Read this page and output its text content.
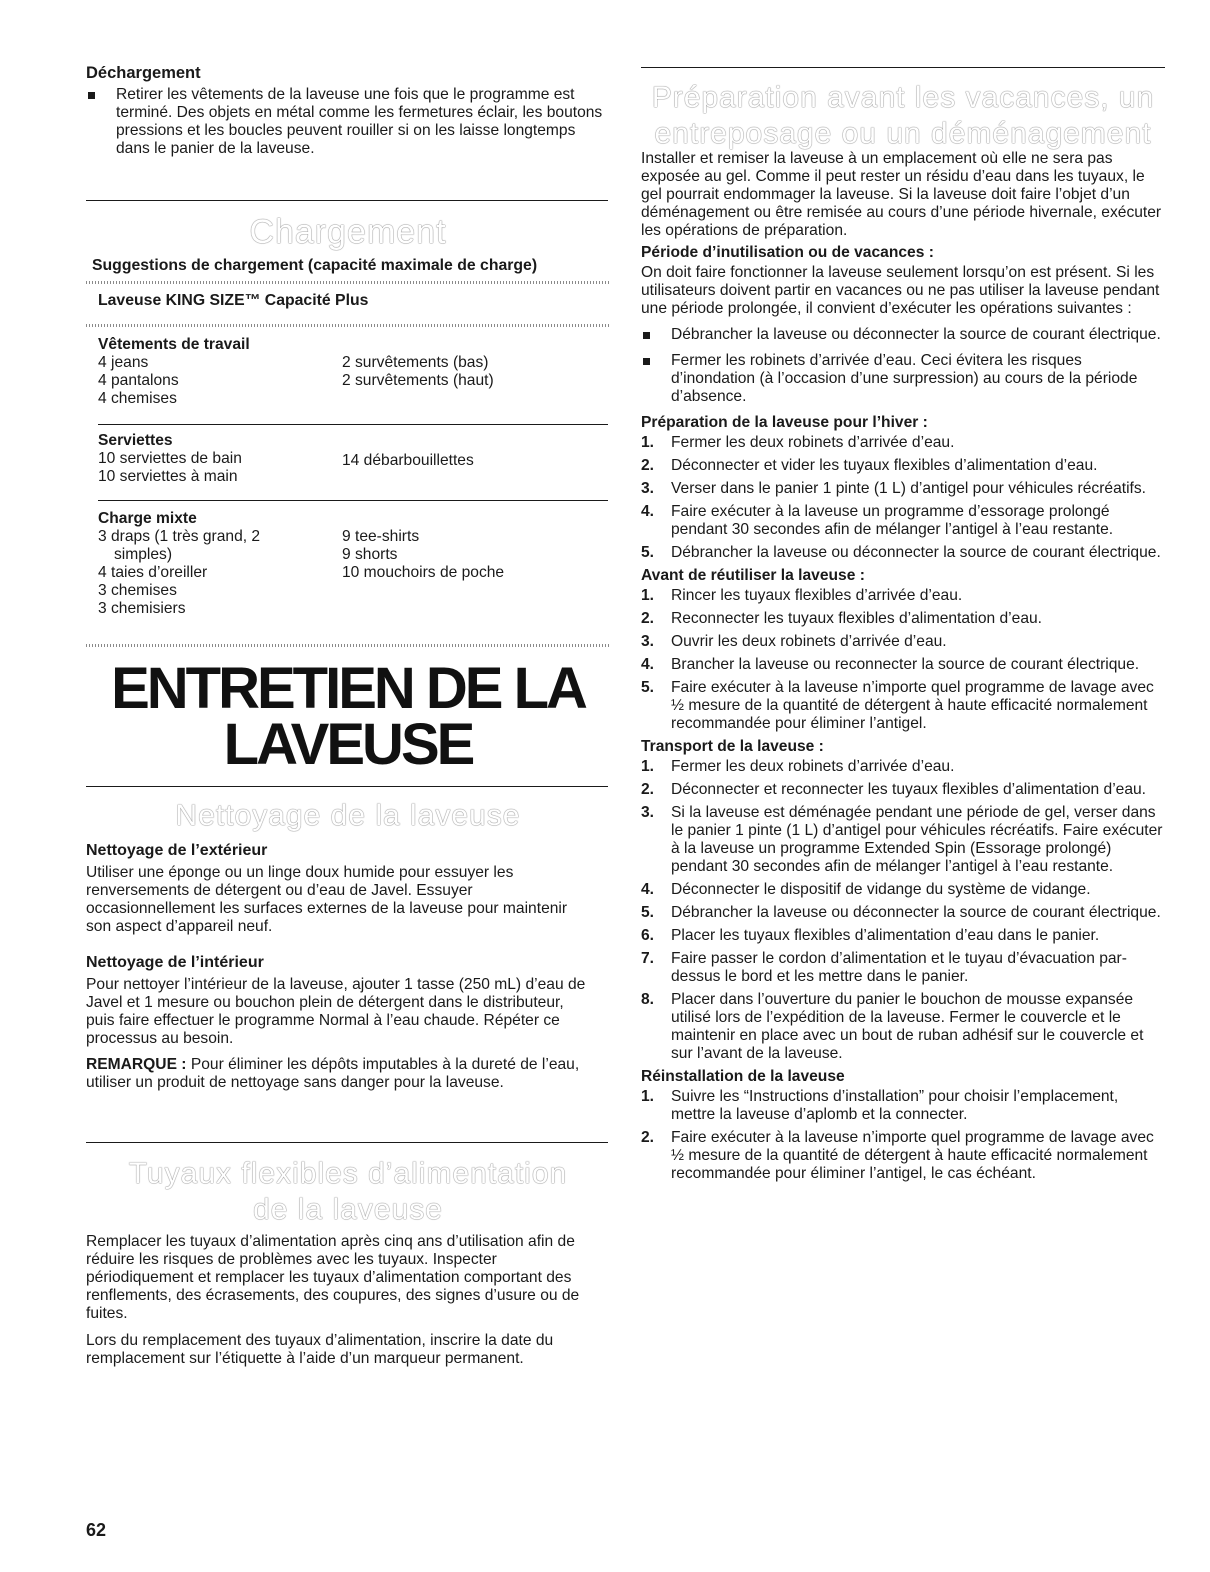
Déchargement

Retirer les vêtements de la laveuse une fois que le programme est terminé. Des objets en métal comme les fermetures éclair, les boutons pressions et les boucles peuvent rouiller si on les laisse longtemps dans le panier de la laveuse.

Chargement

Suggestions de chargement (capacité maximale de charge)

Laveuse KING SIZE™ Capacité Plus

Vêtements de travail

4 jeans

4 pantalons

4 chemises

2 survêtements (bas)

2 survêtements (haut)

Serviettes

10 serviettes de bain

10 serviettes à main

14 débarbouillettes

Charge mixte

3 draps (1 très grand, 2 simples)

4 taies d’oreiller

3 chemises

3 chemisiers

9 tee-shirts

9 shorts

10 mouchoirs de poche

ENTRETIEN DE LA
LAVEUSE
Nettoyage de la laveuse

Nettoyage de l’extérieur

Utiliser une éponge ou un linge doux humide pour essuyer les renversements de détergent ou d’eau de Javel. Essuyer occasionnellement les surfaces externes de la laveuse pour maintenir son aspect d’appareil neuf.

Nettoyage de l’intérieur

Pour nettoyer l’intérieur de la laveuse, ajouter 1 tasse (250 mL) d’eau de Javel et 1 mesure ou bouchon plein de détergent dans le distributeur, puis faire effectuer le programme Normal à l’eau chaude. Répéter ce processus au besoin.

REMARQUE : Pour éliminer les dépôts imputables à la dureté de l’eau, utiliser un produit de nettoyage sans danger pour la laveuse.

Tuyaux flexibles d’alimentation
de la laveuse

Remplacer les tuyaux d’alimentation après cinq ans d’utilisation afin de réduire les risques de problèmes avec les tuyaux. Inspecter périodiquement et remplacer les tuyaux d’alimentation comportant des renflements, des écrasements, des coupures, des signes d’usure ou de fuites.

Lors du remplacement des tuyaux d’alimentation, inscrire la date du remplacement sur l’étiquette à l’aide d’un marqueur permanent.

62
Préparation avant les vacances, un
entreposage ou un déménagement

Installer et remiser la laveuse à un emplacement où elle ne sera pas exposée au gel. Comme il peut rester un résidu d’eau dans les tuyaux, le gel pourrait endommager la laveuse. Si la laveuse doit faire l’objet d’un déménagement ou être remisée au cours d’une période hivernale, exécuter les opérations de préparation.

Période d’inutilisation ou de vacances :

On doit faire fonctionner la laveuse seulement lorsqu’on est présent. Si les utilisateurs doivent partir en vacances ou ne pas utiliser la laveuse pendant une période prolongée, il convient d’exécuter les opérations suivantes :

Débrancher la laveuse ou déconnecter la source de courant électrique.

Fermer les robinets d’arrivée d’eau. Ceci évitera les risques d’inondation (à l’occasion d’une surpression) au cours de la période d’absence.

Préparation de la laveuse pour l’hiver :

1. Fermer les deux robinets d’arrivée d’eau.
2. Déconnecter et vider les tuyaux flexibles d’alimentation d’eau.
3. Verser dans le panier 1 pinte (1 L) d’antigel pour véhicules récréatifs.
4. Faire exécuter à la laveuse un programme d’essorage prolongé pendant 30 secondes afin de mélanger l’antigel à l’eau restante.
5. Débrancher la laveuse ou déconnecter la source de courant électrique.

Avant de réutiliser la laveuse :

1. Rincer les tuyaux flexibles d’arrivée d’eau.
2. Reconnecter les tuyaux flexibles d’alimentation d’eau.
3. Ouvrir les deux robinets d’arrivée d’eau.
4. Brancher la laveuse ou reconnecter la source de courant électrique.
5. Faire exécuter à la laveuse n’importe quel programme de lavage avec ½ mesure de la quantité de détergent à haute efficacité normalement recommandée pour éliminer l’antigel.

Transport de la laveuse :

1. Fermer les deux robinets d’arrivée d’eau.
2. Déconnecter et reconnecter les tuyaux flexibles d’alimentation d’eau.
3. Si la laveuse est déménagée pendant une période de gel, verser dans le panier 1 pinte (1 L) d’antigel pour véhicules récréatifs. Faire exécuter à la laveuse un programme Extended Spin (Essorage prolongé) pendant 30 secondes afin de mélanger l’antigel à l’eau restante.
4. Déconnecter le dispositif de vidange du système de vidange.
5. Débrancher la laveuse ou déconnecter la source de courant électrique.
6. Placer les tuyaux flexibles d’alimentation d’eau dans le panier.
7. Faire passer le cordon d’alimentation et le tuyau d’évacuation par-dessus le bord et les mettre dans le panier.
8. Placer dans l’ouverture du panier le bouchon de mousse expansée utilisé lors de l’expédition de la laveuse. Fermer le couvercle et le maintenir en place avec un bout de ruban adhésif sur le couvercle et sur l’avant de la laveuse.

Réinstallation de la laveuse

1. Suivre les “Instructions d’installation” pour choisir l’emplacement, mettre la laveuse d’aplomb et la connecter.
2. Faire exécuter à la laveuse n’importe quel programme de lavage avec ½ mesure de la quantité de détergent à haute efficacité normalement recommandée pour éliminer l’antigel, le cas échéant.
